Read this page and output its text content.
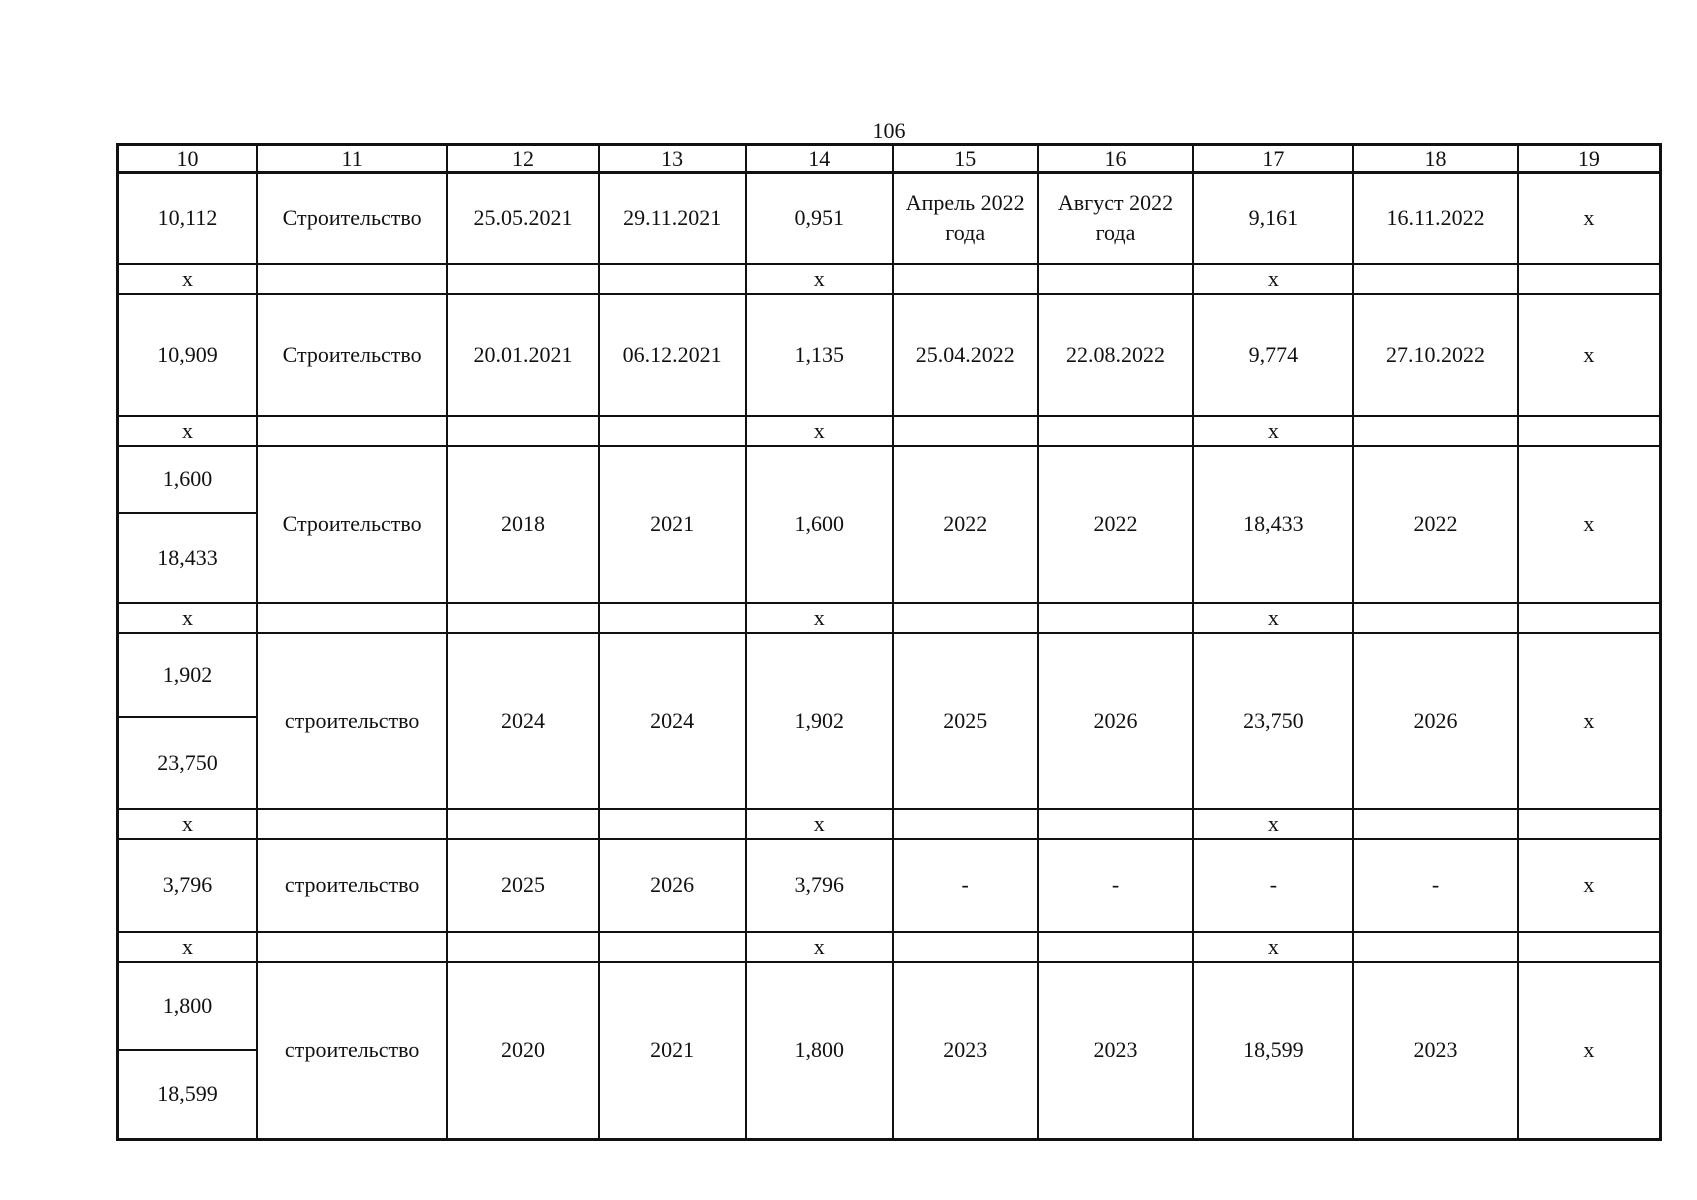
106
10	11	12	13	14	15	16	17	18	19
10,112	Строительство	25.05.2021	29.11.2021	0,951	Апрель 2022 года	Август 2022 года	9,161	16.11.2022	х
х				х			х		
10,909	Строительство	20.01.2021	06.12.2021	1,135	25.04.2022	22.08.2022	9,774	27.10.2022	х
х				х			х		
1,600	Строительство	2018	2021	1,600	2022	2022	18,433	2022	х
18,433									
х				х			х		
1,902	строительство	2024	2024	1,902	2025	2026	23,750	2026	х
23,750									
х				х			х		
3,796	строительство	2025	2026	3,796	-	-	-	-	х
х				х			х		
1,800	строительство	2020	2021	1,800	2023	2023	18,599	2023	х
18,599									
